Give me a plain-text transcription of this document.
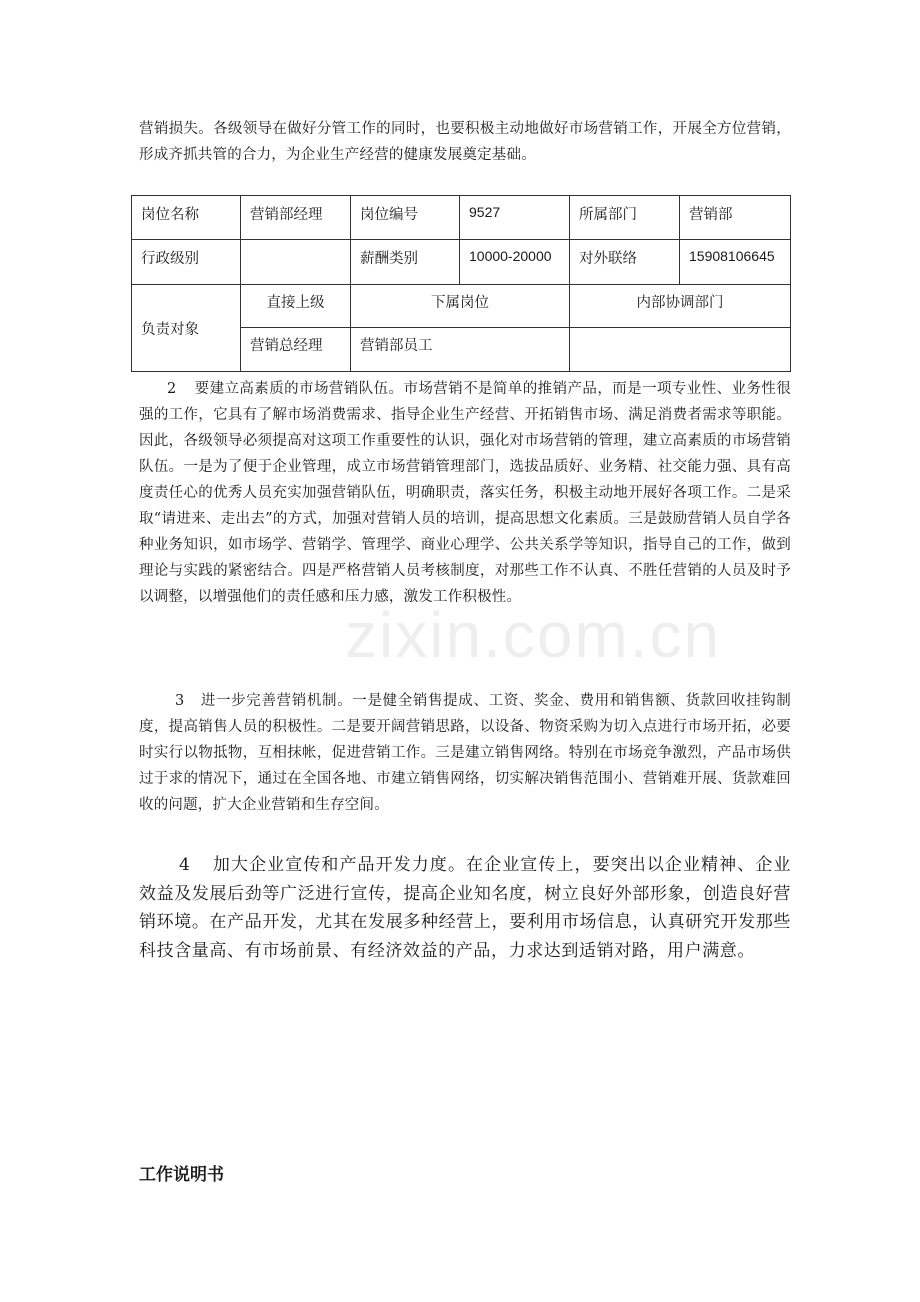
营销损失。各级领导在做好分管工作的同时，也要积极主动地做好市场营销工作，开展全方位营销，形成齐抓共管的合力，为企业生产经营的健康发展奠定基础。

岗位名称	营销部经理	岗位编号	9527	所属部门	营销部

行政级别		薪酬类别	10000-20000	对外联络	15908106645

负责对象	直接上级	下属岗位		内部协调部门	

	营销总经理	营销部员工			

2 要建立高素质的市场营销队伍。市场营销不是简单的推销产品，而是一项专业性、业务性很强的工作，它具有了解市场消费需求、指导企业生产经营、开拓销售市场、满足消费者需求等职能。因此，各级领导必须提高对这项工作重要性的认识，强化对市场营销的管理，建立高素质的市场营销队伍。一是为了便于企业管理，成立市场营销管理部门，选拔品质好、业务精、社交能力强、具有高度责任心的优秀人员充实加强营销队伍，明确职责，落实任务，积极主动地开展好各项工作。二是采取“请进来、走出去”的方式，加强对营销人员的培训，提高思想文化素质。三是鼓励营销人员自学各种业务知识，如市场学、营销学、管理学、商业心理学、公共关系学等知识，指导自己的工作，做到理论与实践的紧密结合。四是严格营销人员考核制度，对那些工作不认真、不胜任营销的人员及时予以调整，以增强他们的责任感和压力感，激发工作积极性。

zixin.com.cn

3 进一步完善营销机制。一是健全销售提成、工资、奖金、费用和销售额、货款回收挂钩制度，提高销售人员的积极性。二是要开阔营销思路，以设备、物资采购为切入点进行市场开拓，必要时实行以物抵物，互相抹帐，促进营销工作。三是建立销售网络。特别在市场竞争激烈，产品市场供过于求的情况下，通过在全国各地、市建立销售网络，切实解决销售范围小、营销难开展、货款难回收的问题，扩大企业营销和生存空间。

4 加大企业宣传和产品开发力度。在企业宣传上，要突出以企业精神、企业效益及发展后劲等广泛进行宣传，提高企业知名度，树立良好外部形象，创造良好营销环境。在产品开发，尤其在发展多种经营上，要利用市场信息，认真研究开发那些科技含量高、有市场前景、有经济效益的产品，力求达到适销对路，用户满意。

工作说明书
